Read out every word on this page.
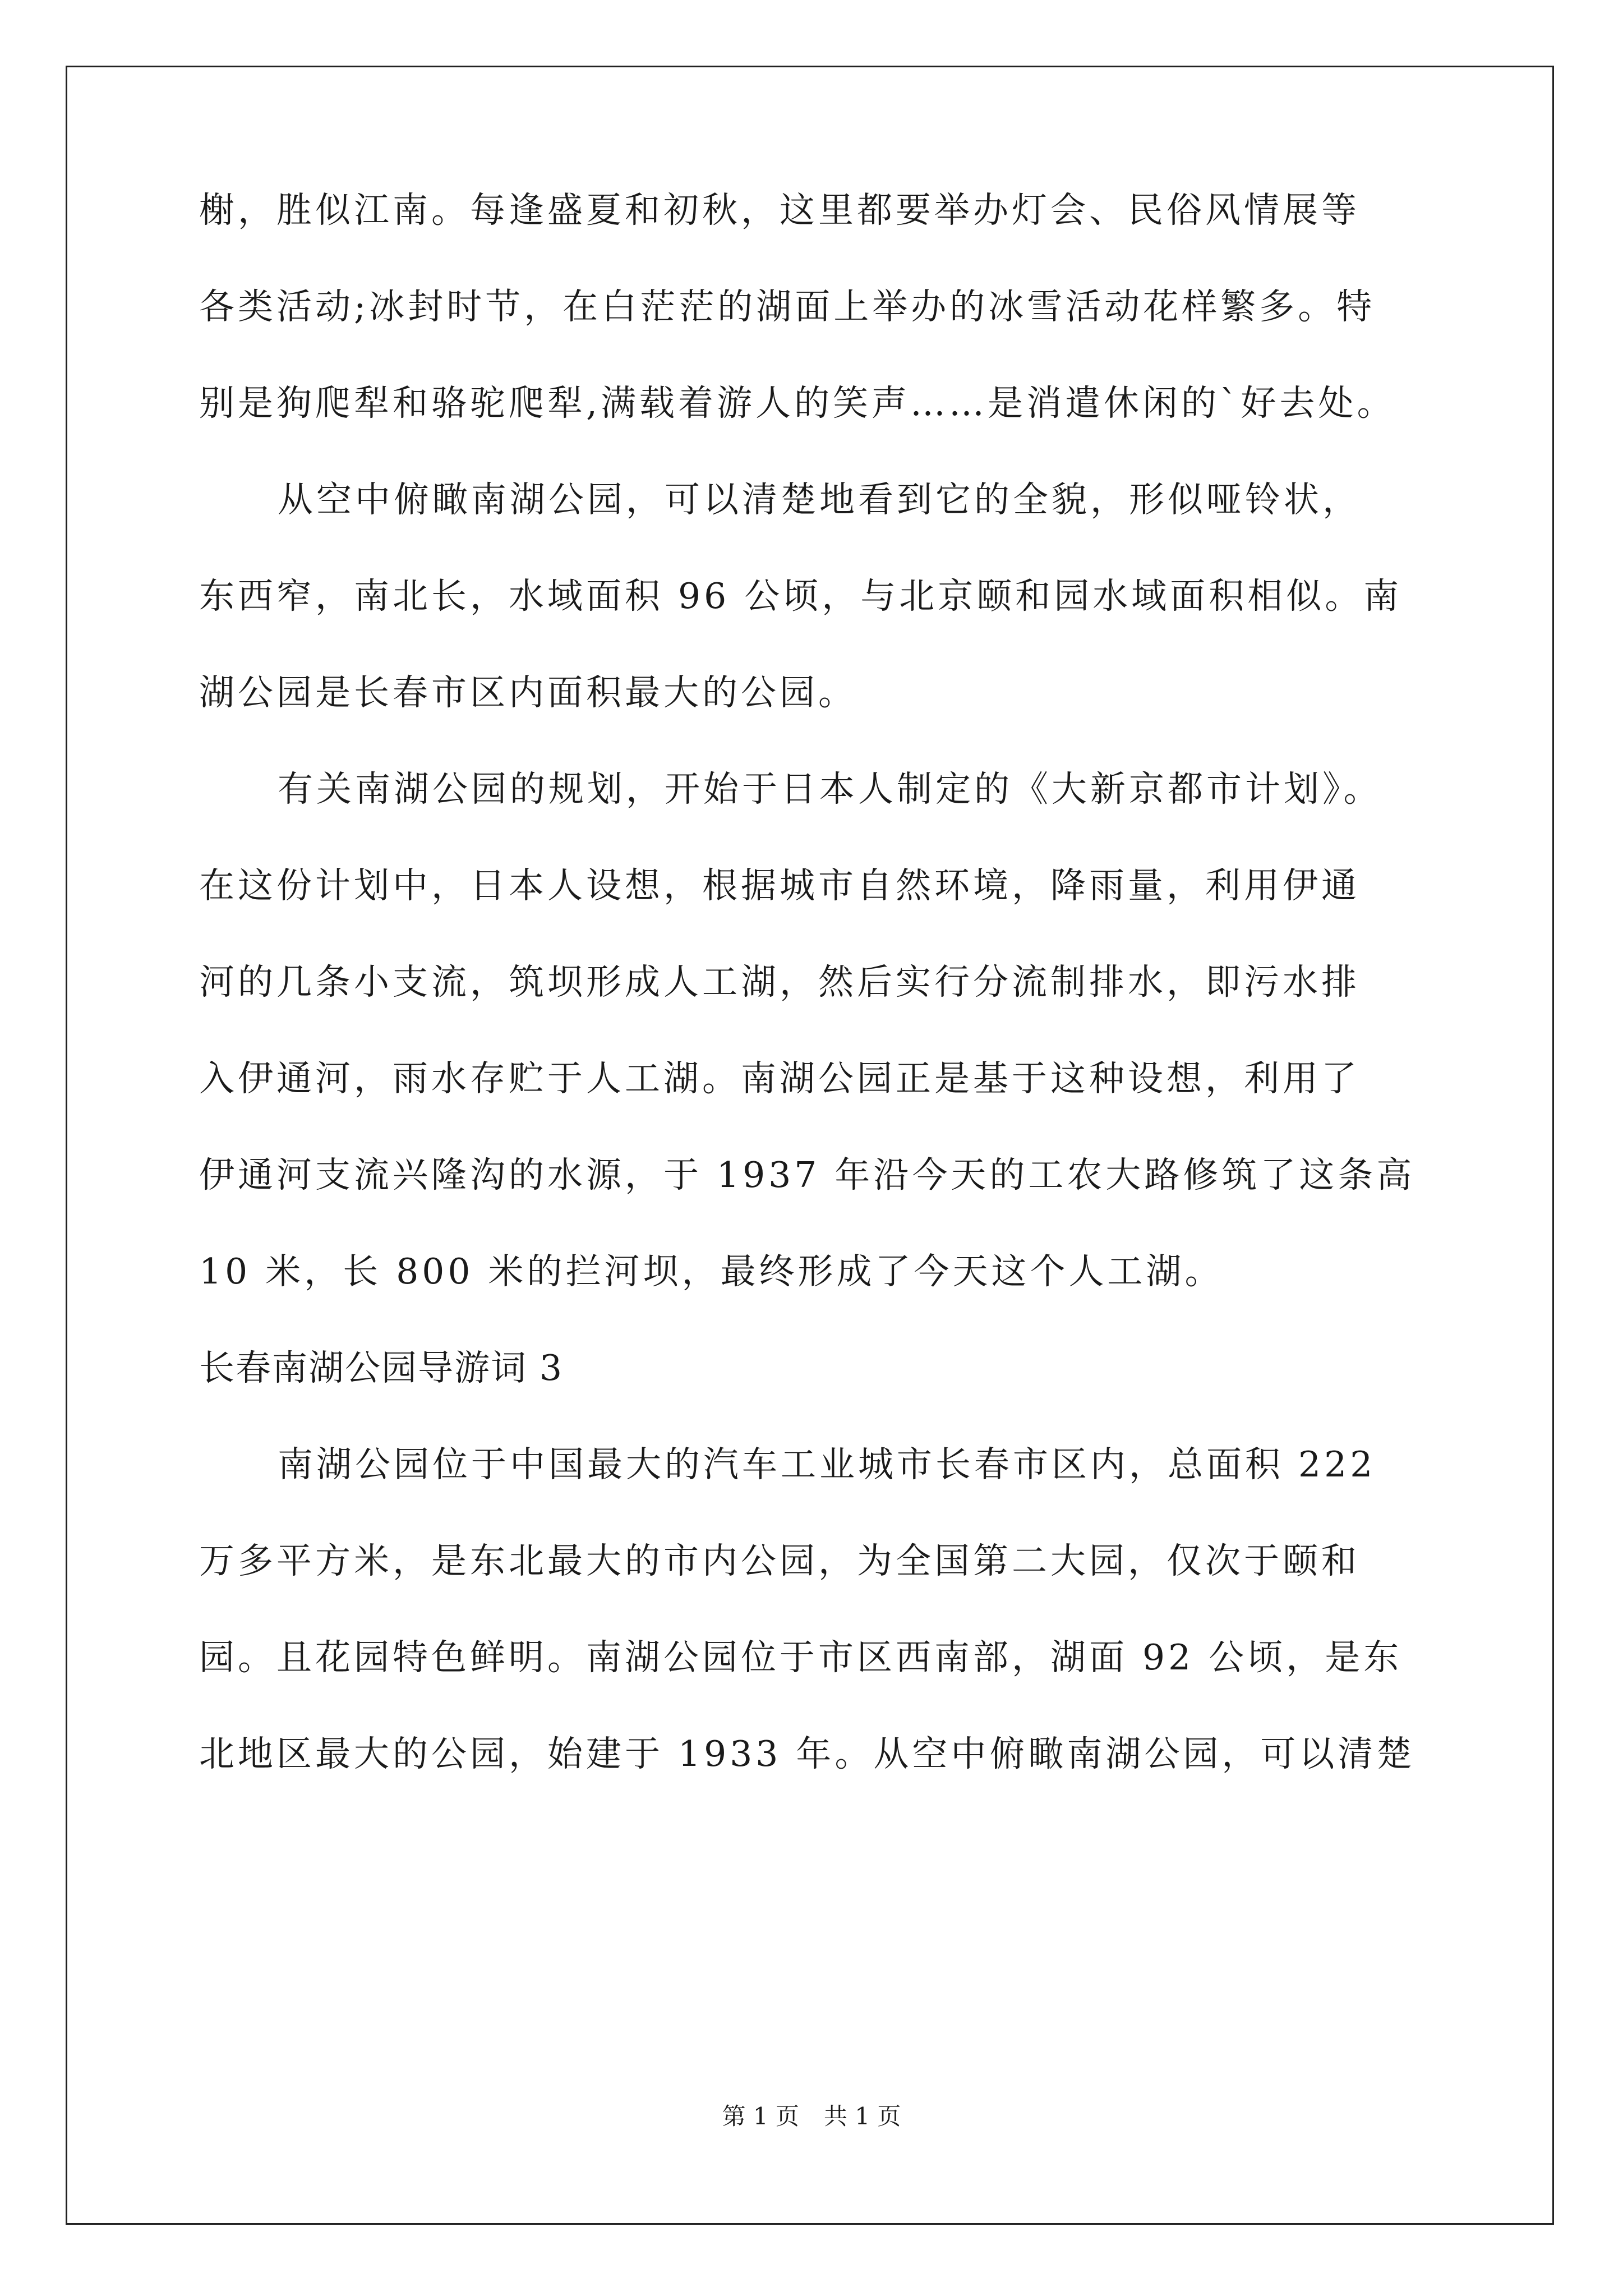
榭，胜似江南。每逢盛夏和初秋，这里都要举办灯会、民俗风情展等
各类活动;冰封时节，在白茫茫的湖面上举办的冰雪活动花样繁多。特
别是狗爬犁和骆驼爬犁,满载着游人的笑声……是消遣休闲的`好去处。
从空中俯瞰南湖公园，可以清楚地看到它的全貌，形似哑铃状，
东西窄，南北长，水域面积 96 公顷，与北京颐和园水域面积相似。南
湖公园是长春市区内面积最大的公园。
有关南湖公园的规划，开始于日本人制定的《大新京都市计划》。
在这份计划中，日本人设想，根据城市自然环境，降雨量，利用伊通
河的几条小支流，筑坝形成人工湖，然后实行分流制排水，即污水排
入伊通河，雨水存贮于人工湖。南湖公园正是基于这种设想，利用了
伊通河支流兴隆沟的水源，于 1937 年沿今天的工农大路修筑了这条高
10 米，长 800 米的拦河坝，最终形成了今天这个人工湖。
长春南湖公园导游词 3
南湖公园位于中国最大的汽车工业城市长春市区内，总面积 222
万多平方米，是东北最大的市内公园，为全国第二大园，仅次于颐和
园。且花园特色鲜明。南湖公园位于市区西南部，湖面 92 公顷，是东
北地区最大的公园，始建于 1933 年。从空中俯瞰南湖公园，可以清楚
第 1 页 共 1 页
